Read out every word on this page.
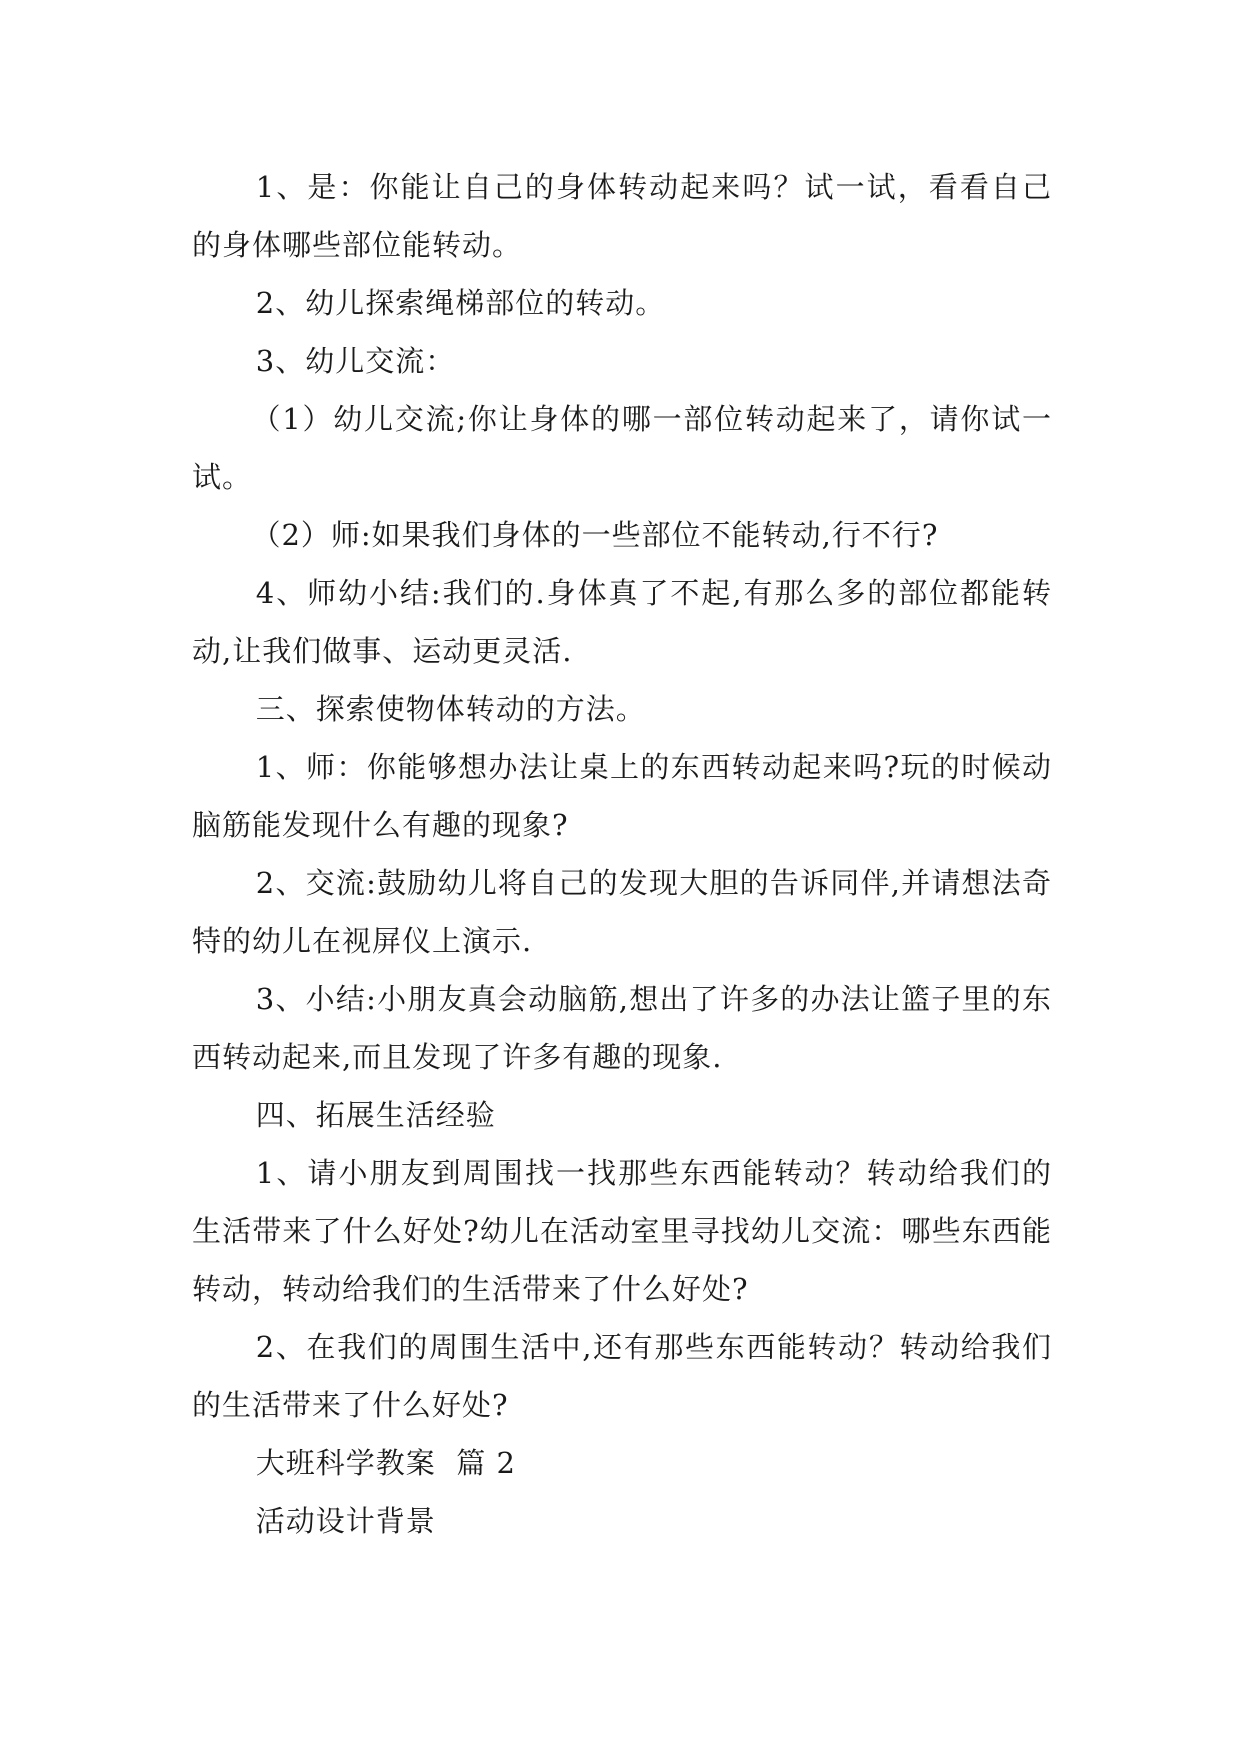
1、是：你能让自己的身体转动起来吗？试一试，看看自己的身体哪些部位能转动。

2、幼儿探索绳梯部位的转动。

3、幼儿交流：

（1）幼儿交流;你让身体的哪一部位转动起来了，请你试一试。

（2）师:如果我们身体的一些部位不能转动,行不行?

4、师幼小结:我们的.身体真了不起,有那么多的部位都能转动,让我们做事、运动更灵活.

三、探索使物体转动的方法。

1、师：你能够想办法让桌上的东西转动起来吗?玩的时候动脑筋能发现什么有趣的现象?

2、交流:鼓励幼儿将自己的发现大胆的告诉同伴,并请想法奇特的幼儿在视屏仪上演示.

3、小结:小朋友真会动脑筋,想出了许多的办法让篮子里的东西转动起来,而且发现了许多有趣的现象.

四、拓展生活经验

1、请小朋友到周围找一找那些东西能转动？转动给我们的生活带来了什么好处?幼儿在活动室里寻找幼儿交流：哪些东西能转动，转动给我们的生活带来了什么好处?

2、在我们的周围生活中,还有那些东西能转动？转动给我们的生活带来了什么好处?

大班科学教案  篇 2

活动设计背景
